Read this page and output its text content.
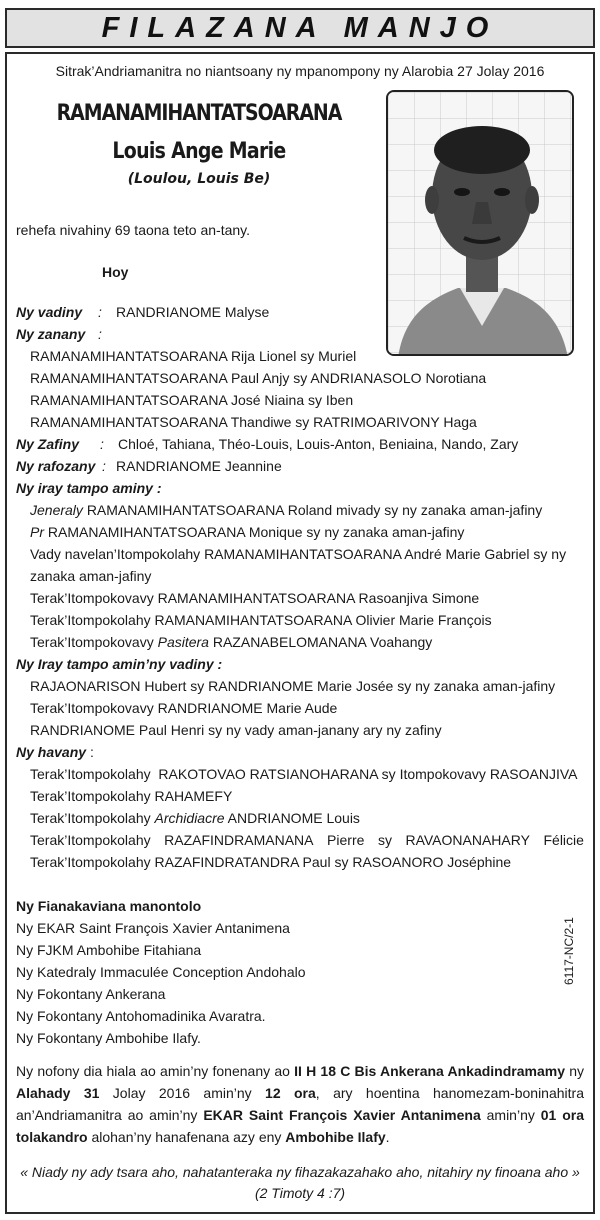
FILAZANA MANJO
Sitrak’Andriamanitra no niantsoany ny mpanompony ny Alarobia 27 Jolay 2016
RAMANAMIHANTATSOARANA
Louis Ange Marie
(Loulou, Louis Be)
rehefa nivahiny 69 taona teto an-tany.
Hoy
Ny vadiny : RANDRIANOME Malyse
Ny zanany :
RAMANAMIHANTATSOARANA Rija Lionel sy Muriel
RAMANAMIHANTATSOARANA Paul Anjy sy ANDRIANASOLO Norotiana
RAMANAMIHANTATSOARANA José Niaina sy Iben
RAMANAMIHANTATSOARANA Thandiwe sy RATRIMOARIVONY Haga
Ny Zafiny : Chloé, Tahiana, Théo-Louis, Louis-Anton, Beniaina, Nando, Zary
Ny rafozany : RANDRIANOME Jeannine
Ny iray tampo aminy :
Jeneraly RAMANAMIHANTATSOARANA Roland mivady sy ny zanaka aman-jafiny
Pr RAMANAMIHANTATSOARANA Monique sy ny zanaka aman-jafiny
Vady navelan’Itompokolahy RAMANAMIHANTATSOARANA André Marie Gabriel sy ny
zanaka aman-jafiny
Terak’Itompokovavy RAMANAMIHANTATSOARANA Rasoanjiva Simone
Terak’Itompokolahy RAMANAMIHANTATSOARANA Olivier Marie François
Terak’Itompokovavy Pasitera RAZANABELOMANANA Voahangy
Ny Iray tampo amin’ny vadiny :
RAJAONARISON Hubert sy RANDRIANOME Marie Josée sy ny zanaka aman-jafiny
Terak’Itompokovavy RANDRIANOME Marie Aude
RANDRIANOME Paul Henri sy ny vady aman-janany ary ny zafiny
Ny havany :
Terak’Itompokolahy RAKOTOVAO RATSIANOHARANA sy Itompokovavy RASOANJIVA
Terak’Itompokolahy RAHAMEFY
Terak’Itompokolahy Archidiacre ANDRIANOME Louis
Terak’Itompokolahy RAZAFINDRAMANANA Pierre sy RAVAONANAHARY Félicie
Terak’Itompokolahy RAZAFINDRATANDRA Paul sy RASOANORO Joséphine
Ny Fianakaviana manontolo
Ny EKAR Saint François Xavier Antanimena
Ny FJKM Ambohibe Fitahiana
Ny Katedraly Immaculée Conception Andohalo
Ny Fokontany Ankerana
Ny Fokontany Antohomadinika Avaratra.
Ny Fokontany Ambohibe Ilafy.
6117-NC/2-1
Ny nofony dia hiala ao amin’ny fonenany ao II H 18 C Bis Ankerana Ankadindramamy ny Alahady 31 Jolay 2016 amin’ny 12 ora, ary hoentina hanomezam-boninahitra an’Andriamanitra ao amin’ny EKAR Saint François Xavier Antanimena amin’ny 01 ora tolakandro alohan’ny hanafenana azy eny Ambohibe Ilafy.
« Niady ny ady tsara aho, nahatanteraka ny fihazakazahako aho, nitahiry ny finoana aho »
(2 Timoty 4 :7)
